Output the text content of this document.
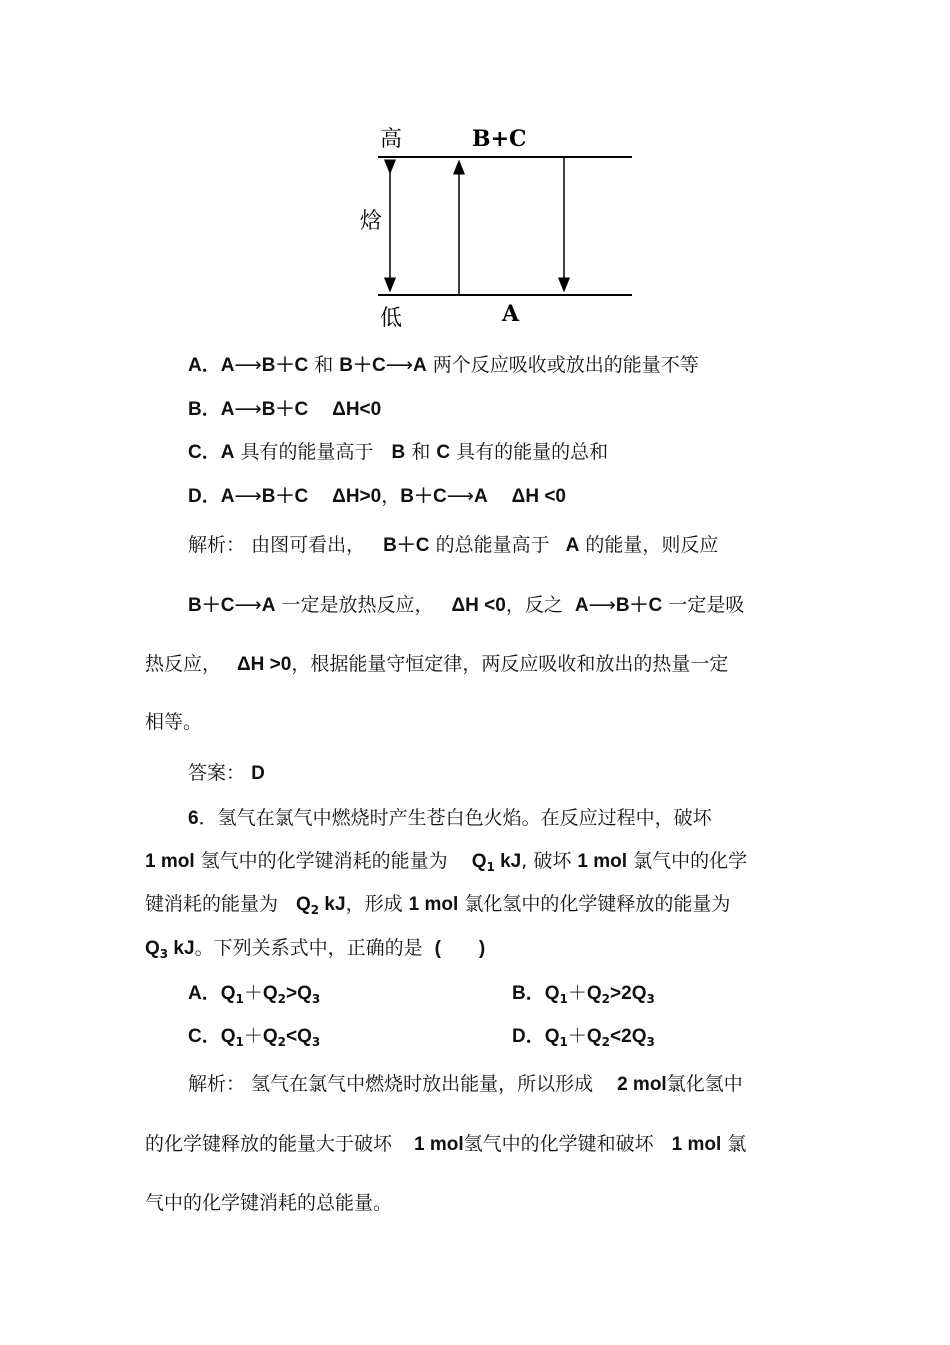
高
焓
低
B+C
A
A．A⟶B＋C 和 B＋C⟶A 两个反应吸收或放出的能量不等
B．A⟶B＋C ΔH<0
C．A 具有的能量高于 B 和 C 具有的能量的总和
D．A⟶B＋C ΔH>0，B＋C⟶A ΔH <0
解析： 由图可看出， B＋C 的总能量高于 A 的能量，则反应
B＋C⟶A 一定是放热反应， ΔH <0，反之 A⟶B＋C 一定是吸
热反应， ΔH >0，根据能量守恒定律，两反应吸收和放出的热量一定
相等。
答案： D
6．氢气在氯气中燃烧时产生苍白色火焰。在反应过程中，破坏
1 mol 氢气中的化学键消耗的能量为 $Q_1$ kJ, 破坏 1 mol 氯气中的化学
键消耗的能量为 $Q_2$ kJ，形成 1 mol 氯化氢中的化学键释放的能量为
$Q_3$ kJ。下列关系式中，正确的是 (　　)
A．$Q_1+Q_2>Q_3$	B．$Q_1+Q_2>2Q_3$
C．$Q_1+Q_2<Q_3$	D．$Q_1+Q_2<2Q_3$
解析： 氢气在氯气中燃烧时放出能量，所以形成 2 mol氯化氢中
的化学键释放的能量大于破坏 1 mol氢气中的化学键和破坏 1 mol 氯
气中的化学键消耗的总能量。
